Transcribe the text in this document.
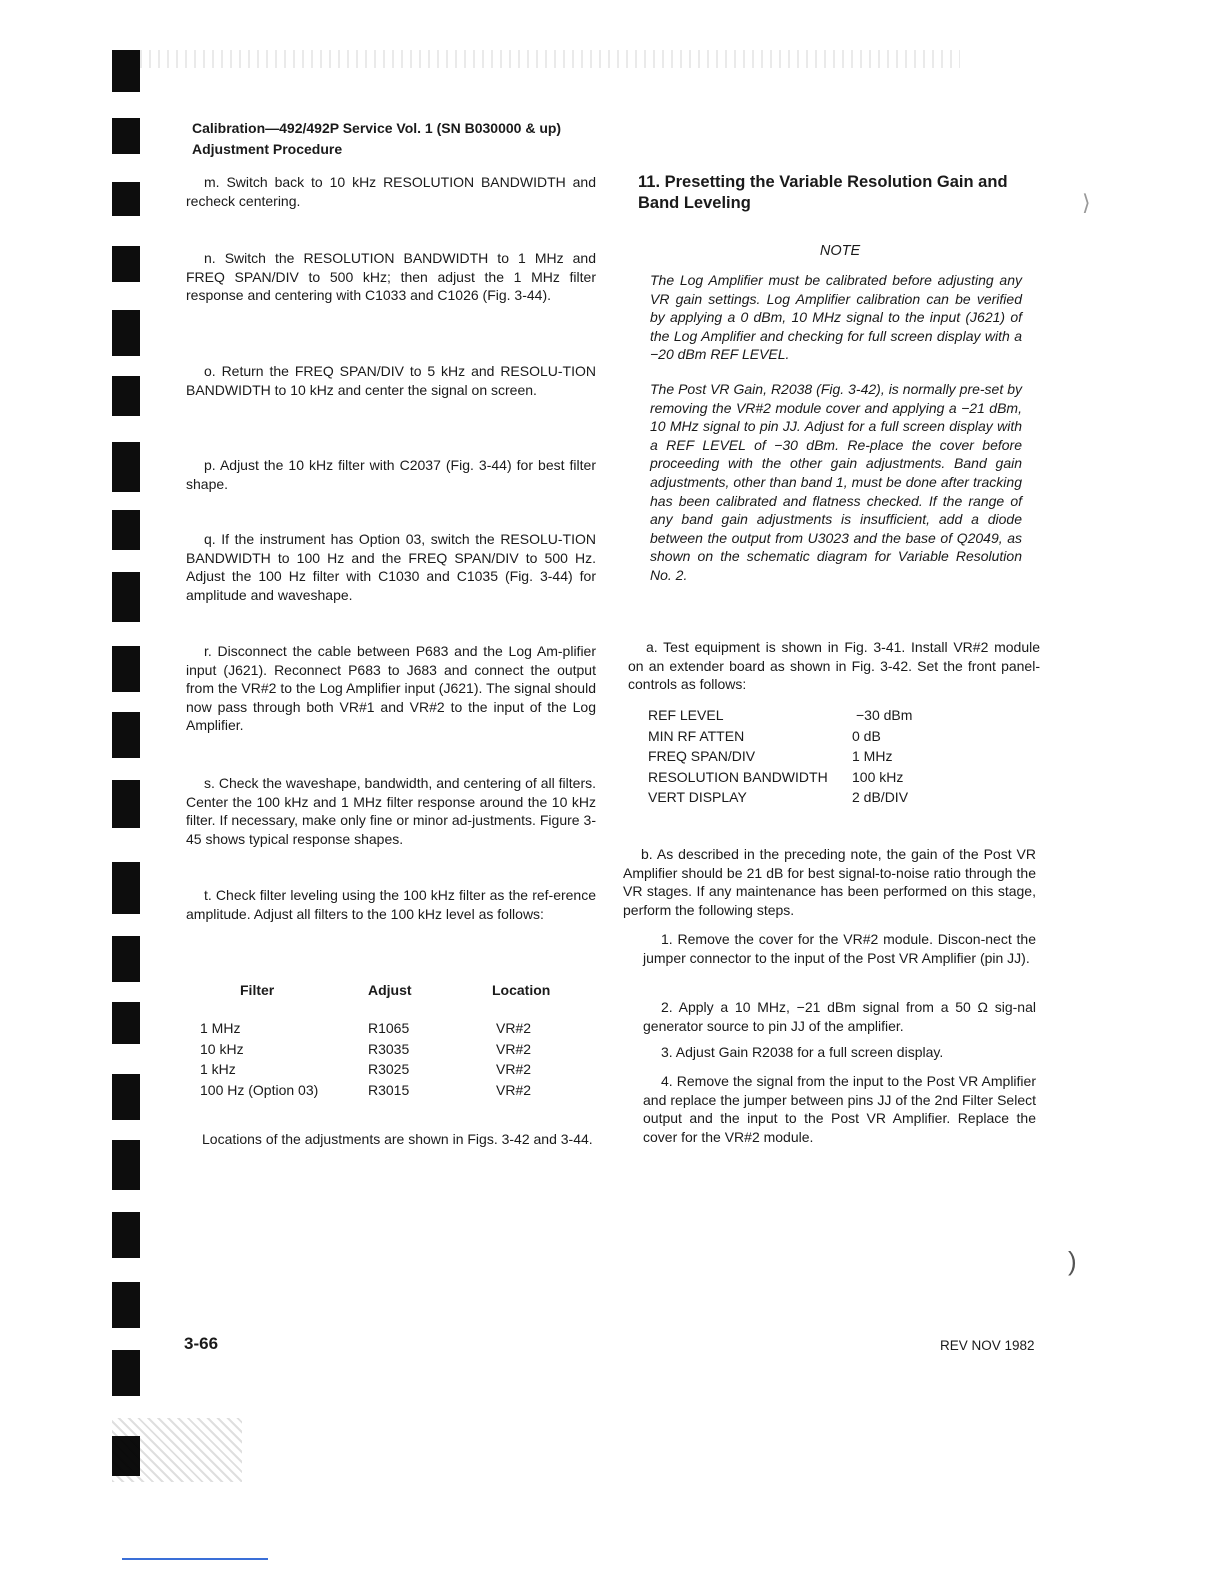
⟩
)
Calibration—492/492P Service Vol. 1 (SN B030000 & up)
Adjustment Procedure

m. Switch back to 10 kHz RESOLUTION BANDWIDTH and recheck centering.

n. Switch the RESOLUTION BANDWIDTH to 1 MHz and FREQ SPAN/DIV to 500 kHz; then adjust the 1 MHz filter response and centering with C1033 and C1026 (Fig. 3-44).

o. Return the FREQ SPAN/DIV to 5 kHz and RESOLU-TION BANDWIDTH to 10 kHz and center the signal on screen.

p. Adjust the 10 kHz filter with C2037 (Fig. 3-44) for best filter shape.

q. If the instrument has Option 03, switch the RESOLU-TION BANDWIDTH to 100 Hz and the FREQ SPAN/DIV to 500 Hz. Adjust the 100 Hz filter with C1030 and C1035 (Fig. 3-44) for amplitude and waveshape.

r. Disconnect the cable between P683 and the Log Am-plifier input (J621). Reconnect P683 to J683 and connect the output from the VR#2 to the Log Amplifier input (J621). The signal should now pass through both VR#1 and VR#2 to the input of the Log Amplifier.

s. Check the waveshape, bandwidth, and centering of all filters. Center the 100 kHz and 1 MHz filter response around the 10 kHz filter. If necessary, make only fine or minor ad-justments. Figure 3-45 shows typical response shapes.

t. Check filter leveling using the 100 kHz filter as the ref-erence amplitude. Adjust all filters to the 100 kHz level as follows:

Filter	Adjust	Location
1 MHz	R1065	VR#2
10 kHz	R3035	VR#2
1 kHz	R3025	VR#2
100 Hz (Option 03)	R3015	VR#2

Locations of the adjustments are shown in Figs. 3-42 and 3-44.

11. Presetting the Variable Resolution Gain and Band Leveling
NOTE

The Log Amplifier must be calibrated before adjusting any VR gain settings. Log Amplifier calibration can be verified by applying a 0 dBm, 10 MHz signal to the input (J621) of the Log Amplifier and checking for full screen display with a −20 dBm REF LEVEL.

The Post VR Gain, R2038 (Fig. 3-42), is normally pre-set by removing the VR#2 module cover and applying a −21 dBm, 10 MHz signal to pin JJ. Adjust for a full screen display with a REF LEVEL of −30 dBm. Re-place the cover before proceeding with the other gain adjustments. Band gain adjustments, other than band 1, must be done after tracking has been calibrated and flatness checked. If the range of any band gain adjustments is insufficient, add a diode between the output from U3023 and the base of Q2049, as shown on the schematic diagram for Variable Resolution No. 2.

a. Test equipment is shown in Fig. 3-41. Install VR#2 module on an extender board as shown in Fig. 3-42. Set the front panel-controls as follows:

REF LEVEL	−30 dBm
MIN RF ATTEN	0 dB
FREQ SPAN/DIV	1 MHz
RESOLUTION BANDWIDTH	100 kHz
VERT DISPLAY	2 dB/DIV

b. As described in the preceding note, the gain of the Post VR Amplifier should be 21 dB for best signal-to-noise ratio through the VR stages. If any maintenance has been performed on this stage, perform the following steps.

1. Remove the cover for the VR#2 module. Discon-nect the jumper connector to the input of the Post VR Amplifier (pin JJ).

2. Apply a 10 MHz, −21 dBm signal from a 50 Ω sig-nal generator source to pin JJ of the amplifier.

3. Adjust Gain R2038 for a full screen display.

4. Remove the signal from the input to the Post VR Amplifier and replace the jumper between pins JJ of the 2nd Filter Select output and the input to the Post VR Amplifier. Replace the cover for the VR#2 module.

3-66	REV NOV 1982
